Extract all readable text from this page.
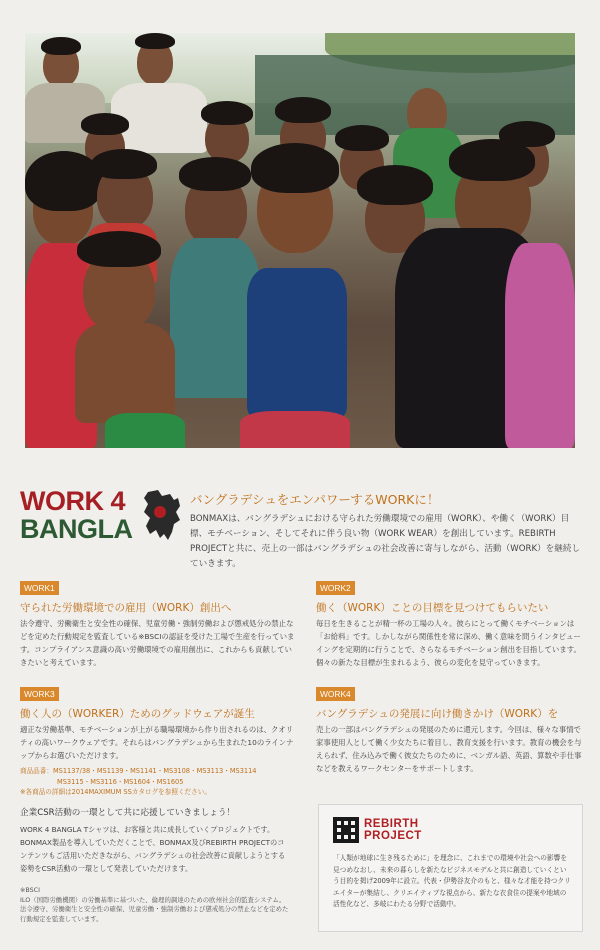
WORK 4
BANGLA
バングラデシュをエンパワーするWORKに！
BONMAXは、バングラデシュにおける守られた労働環境での雇用（WORK）、や働く（WORK）目標、モチベーション、そしてそれに伴う良い物（WORK WEAR）を創出しています。REBIRTH PROJECTと共に、売上の一部はバングラデシュの社会改善に寄与しながら、活動（WORK）を継続していきます。
WORK1
守られた労働環境での雇用（WORK）創出へ
法令遵守、労働衛生と安全性の確保、児童労働・強制労働および懲戒処分の禁止などを定めた行動規定を監査している※BSCIの認証を受けた工場で生産を行っています。コンプライアンス意識の高い労働環境での雇用創出に、これからも貢献していきたいと考えています。
WORK2
働く（WORK）ことの目標を見つけてもらいたい
毎日を生きることが精一杯の工場の人々。彼らにとって働くモチベーションは「お給料」です。しかしながら関係性を常に深め、働く意味を問うインタビューイングを定期的に行うことで、さらなるモチベーション創出を目指しています。個々の新たな目標が生まれるよう、彼らの変化を見守っていきます。
WORK3
働く人の（WORKER）ためのグッドウェアが誕生
適正な労働基準、モチベーションが上がる職場環境から作り出されるのは、クオリティの高いワークウェアです。それらはバングラデシュから生まれた10のラインナップからお選びいただけます。
商品品番：MS1137/38・MS1139・MS1141・MS3108・MS3113・MS3114
MS3115・MS3116・MS1604・MS1605
※各商品の詳細は2014MAXIMUM SSカタログを参照ください。
WORK4
バングラデシュの発展に向け働きかけ（WORK）を
売上の一部はバングラデシュの発展のために還元します。今回は、様々な事情で家事使用人として働く少女たちに着目し、教育支援を行います。教育の機会を与えられず、住み込みで働く彼女たちのために、ベンガル語、英語、算数や手仕事などを教えるワークセンターをサポートします。
企業CSR活動の一環として共に応援していきましょう！
WORK 4 BANGLA Tシャツは、お客様と共に成長していくプロジェクトです。BONMAX製品を導入していただくことで、BONMAX及びREBIRTH PROJECTのコンテンツもご活用いただきながら、バングラデシュの社会改善に貢献しようとする姿勢をCSR活動の一環として発表していただけます。
※BSCI
ILO（国際労働機関）の労働基準に基づいた、倫理的調達のための欧州社会的監査システム。法令遵守、労働衛生と安全性の確保、児童労働・強制労働および懲戒処分の禁止などを定めた行動規定を監査しています。
REBIRTH
PROJECT
「人類が地球に生き残るために」を理念に、これまでの環境や社会への影響を見つめなおし、未来の暮らしを新たなビジネスモデルと共に創造していくという目的を掲げ2009年に設立。代表・伊勢谷友介のもと、様々な才能を持つクリエイターが集結し、クリエイティブな視点から、新たな衣食住の提案や地域の活性化など、多岐にわたる分野で活動中。
